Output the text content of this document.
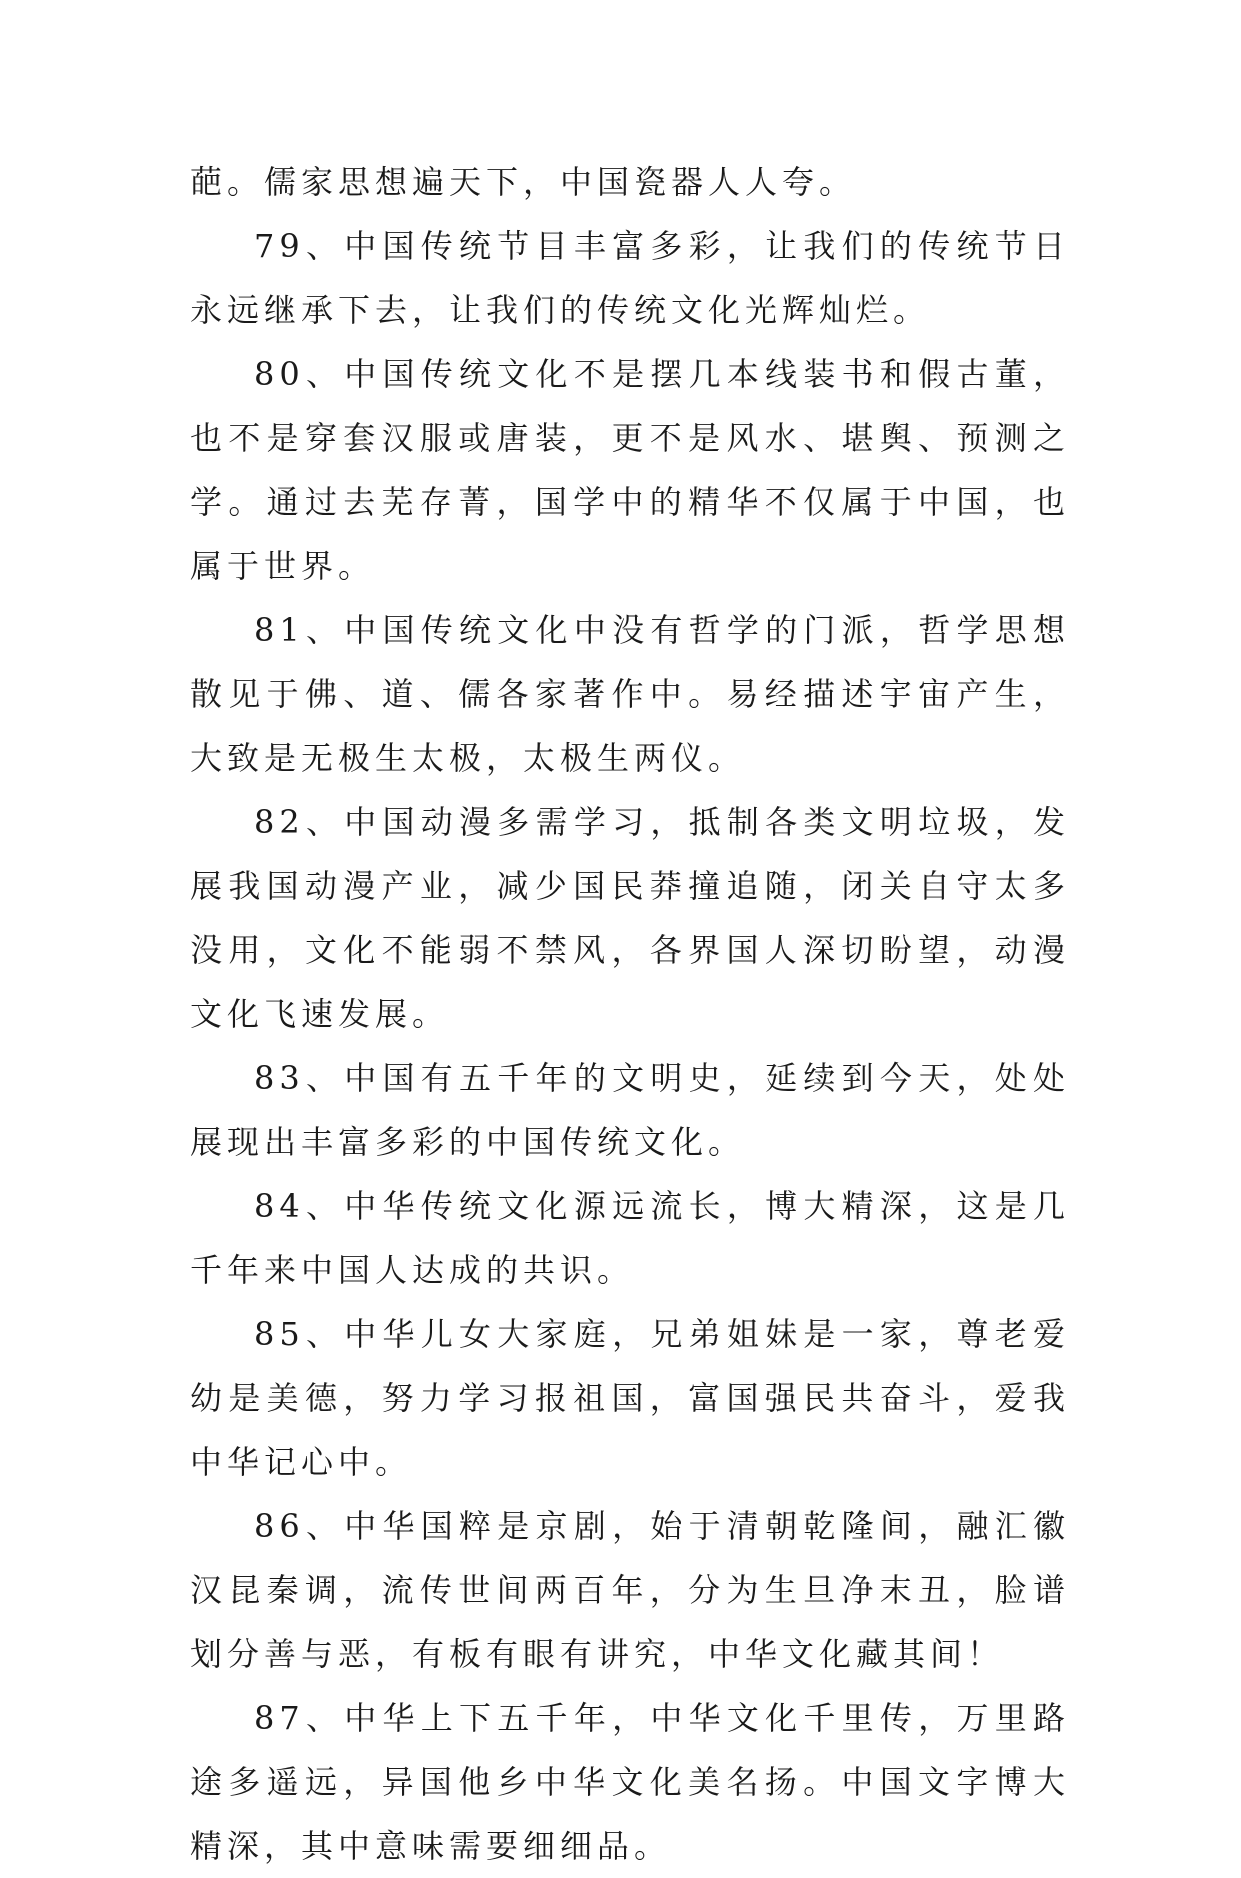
葩。儒家思想遍天下，中国瓷器人人夸。

79、中国传统节目丰富多彩，让我们的传统节日永远继承下去，让我们的传统文化光辉灿烂。

80、中国传统文化不是摆几本线装书和假古董，也不是穿套汉服或唐装，更不是风水、堪舆、预测之学。通过去芜存菁，国学中的精华不仅属于中国，也属于世界。

81、中国传统文化中没有哲学的门派，哲学思想散见于佛、道、儒各家著作中。易经描述宇宙产生，大致是无极生太极，太极生两仪。

82、中国动漫多需学习，抵制各类文明垃圾，发展我国动漫产业，减少国民莽撞追随，闭关自守太多没用，文化不能弱不禁风，各界国人深切盼望，动漫文化飞速发展。

83、中国有五千年的文明史，延续到今天，处处展现出丰富多彩的中国传统文化。

84、中华传统文化源远流长，博大精深，这是几千年来中国人达成的共识。

85、中华儿女大家庭，兄弟姐妹是一家，尊老爱幼是美德，努力学习报祖国，富国强民共奋斗，爱我中华记心中。

86、中华国粹是京剧，始于清朝乾隆间，融汇徽汉昆秦调，流传世间两百年，分为生旦净末丑，脸谱划分善与恶，有板有眼有讲究，中华文化藏其间！

87、中华上下五千年，中华文化千里传，万里路途多遥远，异国他乡中华文化美名扬。中国文字博大精深，其中意味需要细细品。
